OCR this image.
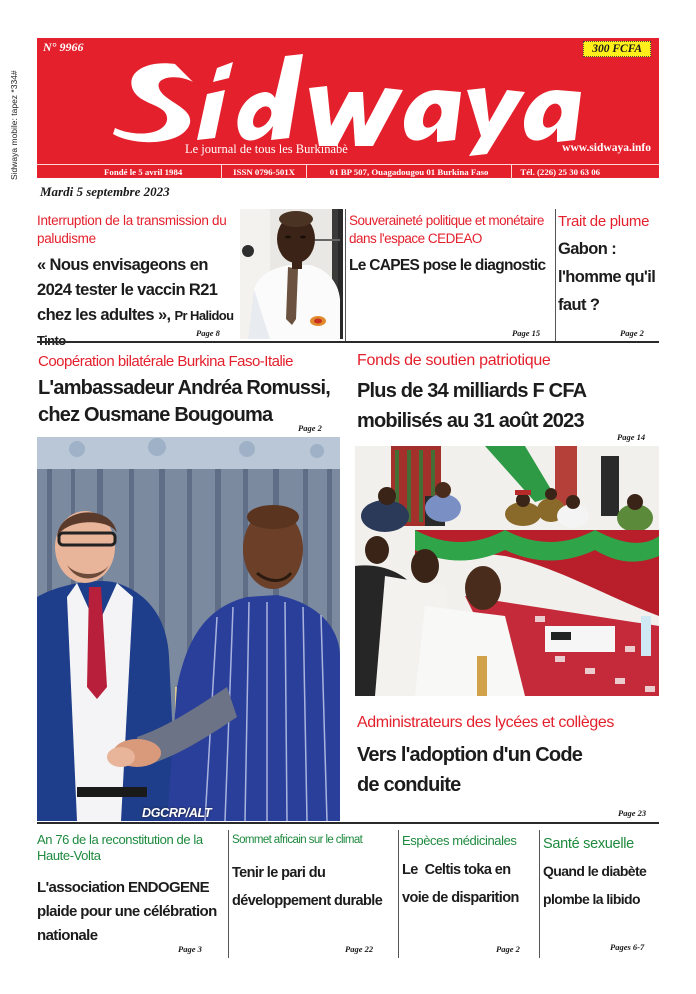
Sidwaya mobile: tapez *334#
N° 9966	300 FCFA
Le journal de tous les Burkinabè	www.sidwaya.info
Fondé le 5 avril 1984	ISSN 0796-501X	01 BP 507, Ouagadougou 01 Burkina Faso	Tél. (226) 25 30 63 06
Mardi 5 septembre 2023
Interruption de la transmission du paludisme
« Nous envisageons en 2024 tester le vaccin R21 chez les adultes », Pr Halidou
Page 8
Souveraineté politique et monétaire dans l'espace CEDEAO
Le CAPES pose le diagnostic
Page 15
Trait de plume
Gabon : l'homme qu'il faut ?
Page 2
Coopération bilatérale Burkina Faso-Italie
L'ambassadeur Andréa Romussi, chez Ousmane Bougouma
Page 2
DGCRP/ALT
Fonds de soutien patriotique
Plus de 34 milliards F CFA mobilisés au 31 août 2023
Page 14
Administrateurs des lycées et collèges
Vers l'adoption d'un Code de conduite
Page 23
An 76 de la reconstitution de la Haute-Volta
L'association ENDOGENE plaide pour une célébration nationale
Page 3
Sommet africain sur le climat
Tenir le pari du développement durable
Page 22
Espèces médicinales
Le  Celtis toka en voie de disparition
Page 2
Santé sexuelle
Quand le diabète plombe la libido
Pages 6-7
